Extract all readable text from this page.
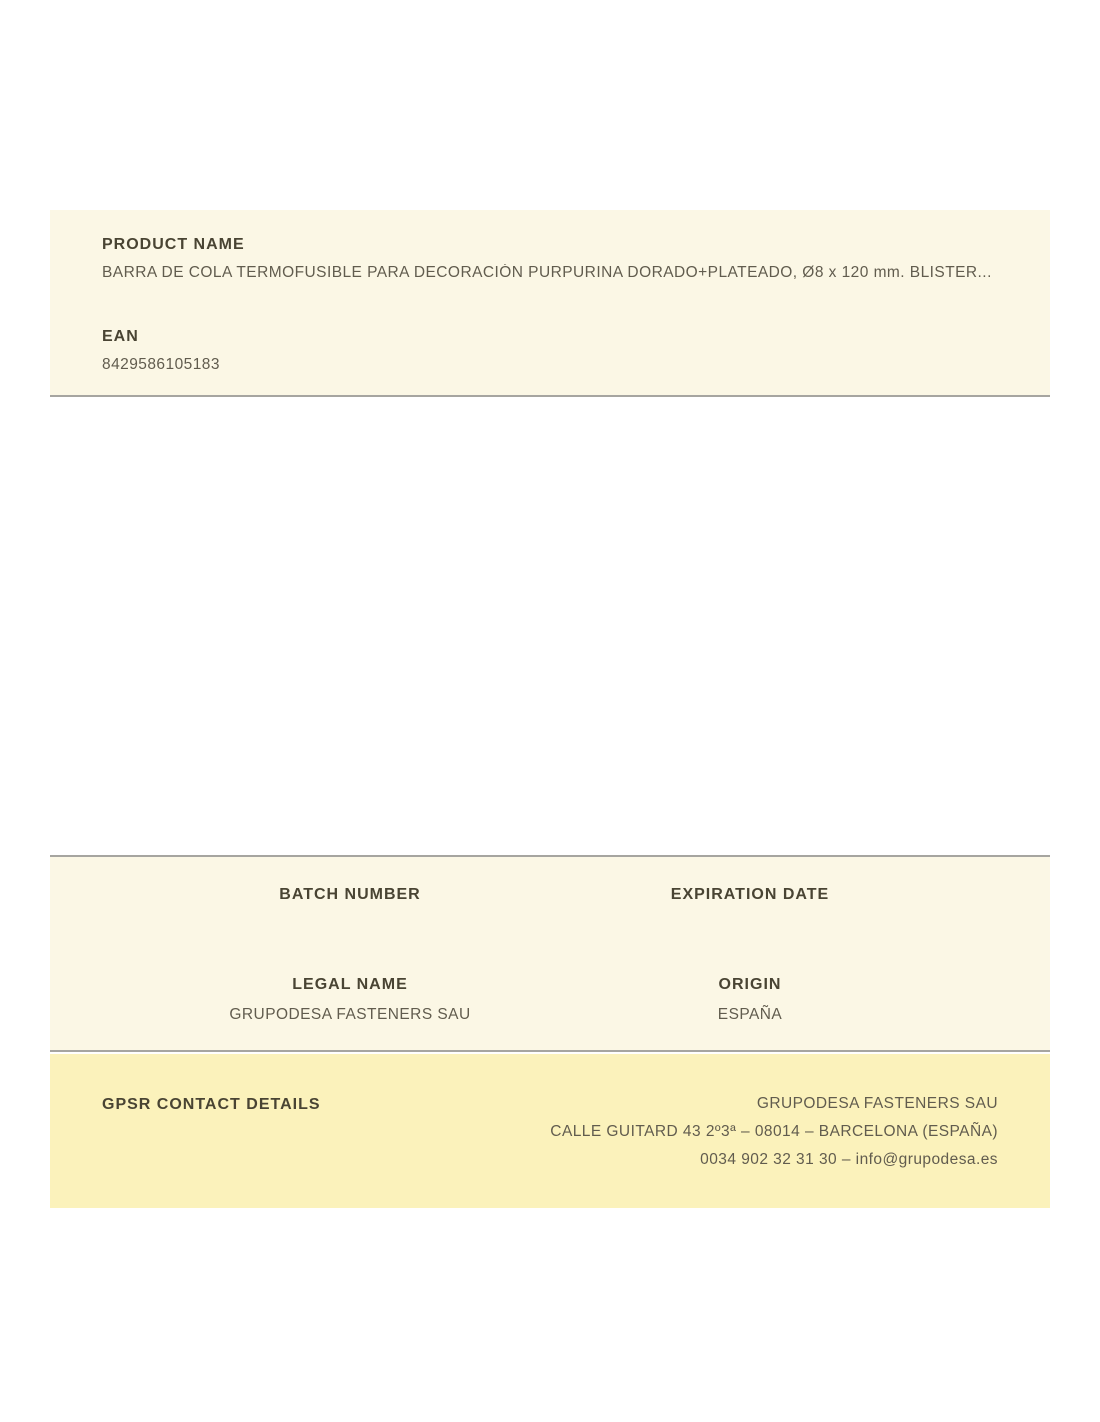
PRODUCT NAME
BARRA DE COLA TERMOFUSIBLE PARA DECORACIÓN PURPURINA DORADO+PLATEADO, Ø8 x 120 mm. BLISTER...
EAN
8429586105183
BATCH NUMBER
LEGAL NAME
GRUPODESA FASTENERS SAU
EXPIRATION DATE
ORIGIN
ESPAÑA
GPSR CONTACT DETAILS	GRUPODESA FASTENERS SAU
CALLE GUITARD 43 2º3ª – 08014 – BARCELONA (ESPAÑA)
0034 902 32 31 30 – info@grupodesa.es
